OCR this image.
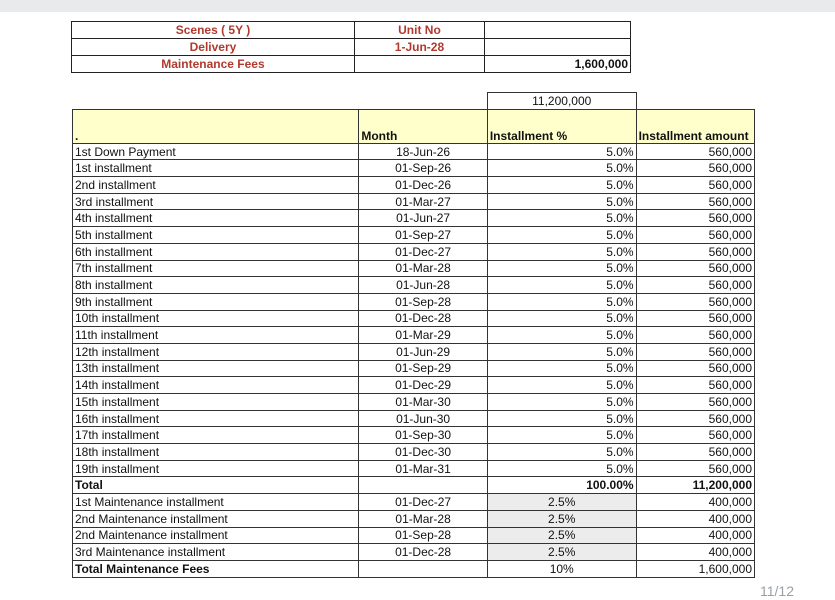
Scenes ( 5Y )	Unit No	
Delivery	1-Jun-28	
Maintenance Fees		1,600,000
		11,200,000	
.	Month	Installment %	Installment amount
1st Down Payment	18-Jun-26	5.0%	560,000
1st installment	01-Sep-26	5.0%	560,000
2nd installment	01-Dec-26	5.0%	560,000
3rd installment	01-Mar-27	5.0%	560,000
4th installment	01-Jun-27	5.0%	560,000
5th installment	01-Sep-27	5.0%	560,000
6th installment	01-Dec-27	5.0%	560,000
7th installment	01-Mar-28	5.0%	560,000
8th installment	01-Jun-28	5.0%	560,000
9th installment	01-Sep-28	5.0%	560,000
10th installment	01-Dec-28	5.0%	560,000
11th installment	01-Mar-29	5.0%	560,000
12th installment	01-Jun-29	5.0%	560,000
13th installment	01-Sep-29	5.0%	560,000
14th installment	01-Dec-29	5.0%	560,000
15th installment	01-Mar-30	5.0%	560,000
16th installment	01-Jun-30	5.0%	560,000
17th installment	01-Sep-30	5.0%	560,000
18th installment	01-Dec-30	5.0%	560,000
19th installment	01-Mar-31	5.0%	560,000
Total		100.00%	11,200,000
1st Maintenance installment	01-Dec-27	2.5%	400,000
2nd Maintenance installment	01-Mar-28	2.5%	400,000
2nd Maintenance installment	01-Sep-28	2.5%	400,000
3rd Maintenance installment	01-Dec-28	2.5%	400,000
Total Maintenance Fees		10%	1,600,000
11/12
